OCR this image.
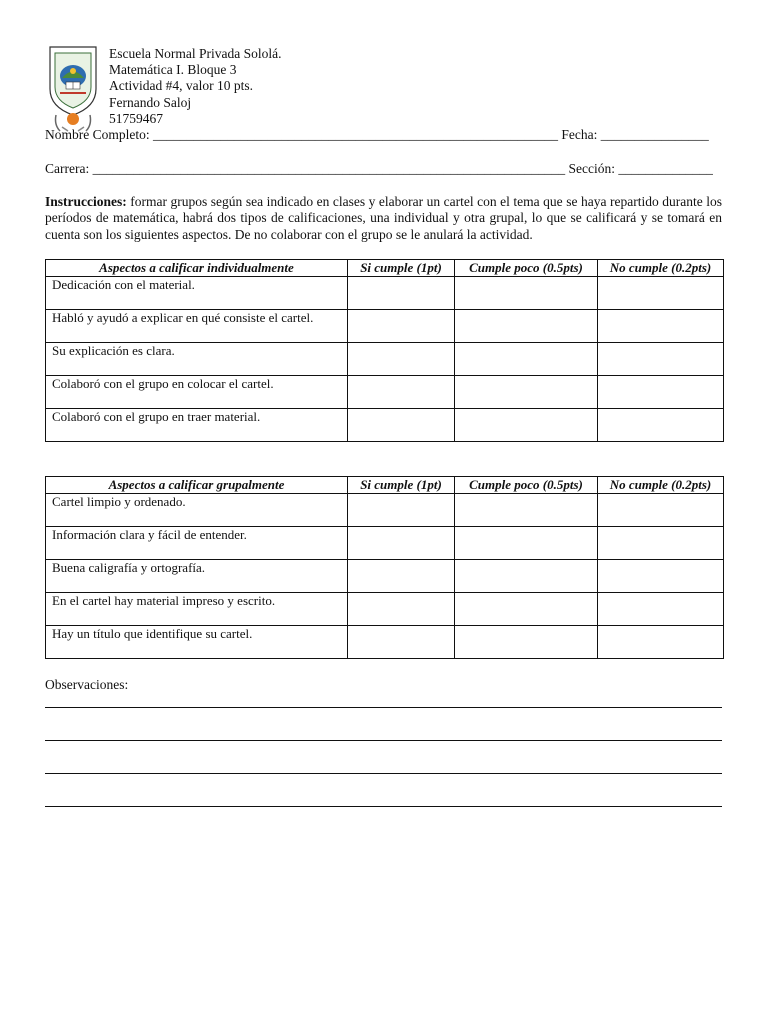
Escuela Normal Privada Sololá.
Matemática I. Bloque 3
Actividad #4, valor 10 pts.
Fernando Saloj
51759467
Nombre Completo: ____________________________________________________________ Fecha: ________________
Carrera: ______________________________________________________________________ Sección: ______________
Instrucciones: formar grupos según sea indicado en clases y elaborar un cartel con el tema que se haya repartido durante los períodos de matemática, habrá dos tipos de calificaciones, una individual y otra grupal, lo que se calificará y se tomará en cuenta son los siguientes aspectos. De no colaborar con el grupo se le anulará la actividad.
Aspectos a calificar individualmente	Si cumple (1pt)	Cumple poco (0.5pts)	No cumple (0.2pts)
Dedicación con el material.			
Habló y ayudó a explicar en qué consiste el cartel.			
Su explicación es clara.			
Colaboró con el grupo en colocar el cartel.			
Colaboró con el grupo en traer material.			
Aspectos a calificar grupalmente	Si cumple (1pt)	Cumple poco (0.5pts)	No cumple (0.2pts)
Cartel limpio y ordenado.			
Información clara y fácil de entender.			
Buena caligrafía y ortografía.			
En el cartel hay material impreso y escrito.			
Hay un título que identifique su cartel.			
Observaciones:
